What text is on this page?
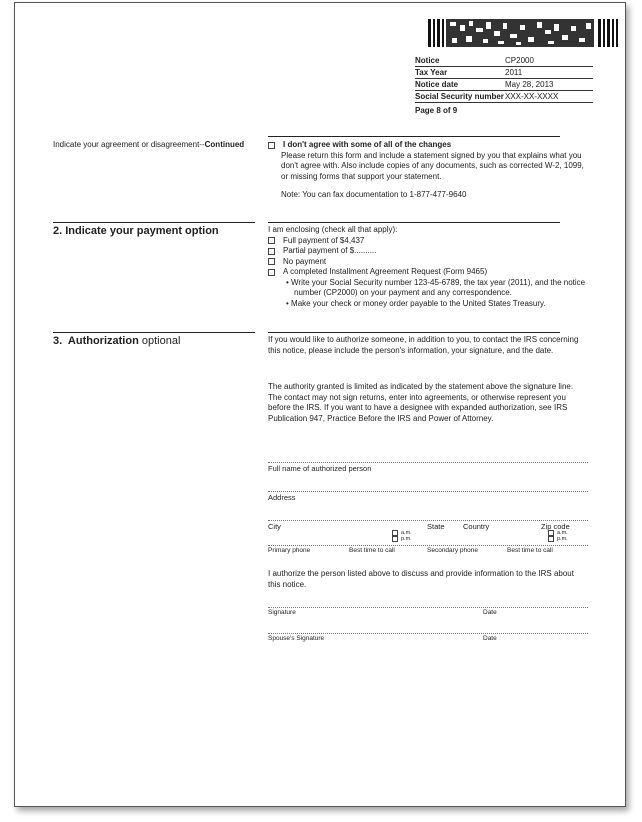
Notice	CP2000
Tax Year	2011
Notice date	May 28, 2013
Social Security number XXX-XX-XXXX
Page 8 of 9
Indicate your agreement or disagreement--Continued	I don't agree with some of all of the changes
Please return this form and include a statement signed by you that explains what you don't agree with. Also include copies of any documents, such as corrected W-2, 1099, or missing forms that support your statement.
Note: You can fax documentation to 1-877-477-9640
2. Indicate your payment option	I am enclosing (check all that apply):
Full payment of $4,437
Partial payment of $..........
No payment
A completed Installment Agreement Request (Form 9465)
• Write your Social Security number 123-45-6789, the tax year (2011), and the notice number (CP2000) on your payment and any correspondence.
• Make your check or money order payable to the United States Treasury.
3. Authorization optional	If you would like to authorize someone, in addition to you, to contact the IRS concerning this notice, please include the person's information, your signature, and the date.
The authority granted is limited as indicated by the statement above the signature line. The contact may not sign returns, enter into agreements, or otherwise represent you before the IRS. If you want to have a designee with expanded authorization, see IRS Publication 947, Practice Before the IRS and Power of Attorney.
Full name of authorized person
Address
City	State Country	Zip code
a.m.
p.m.
a.m.
p.m.
Primary phone	Best time to call	Secondary phone	Best time to call
I authorize the person listed above to discuss and provide information to the IRS about this notice.
Signature	Date
Spouse's Signature	Date
